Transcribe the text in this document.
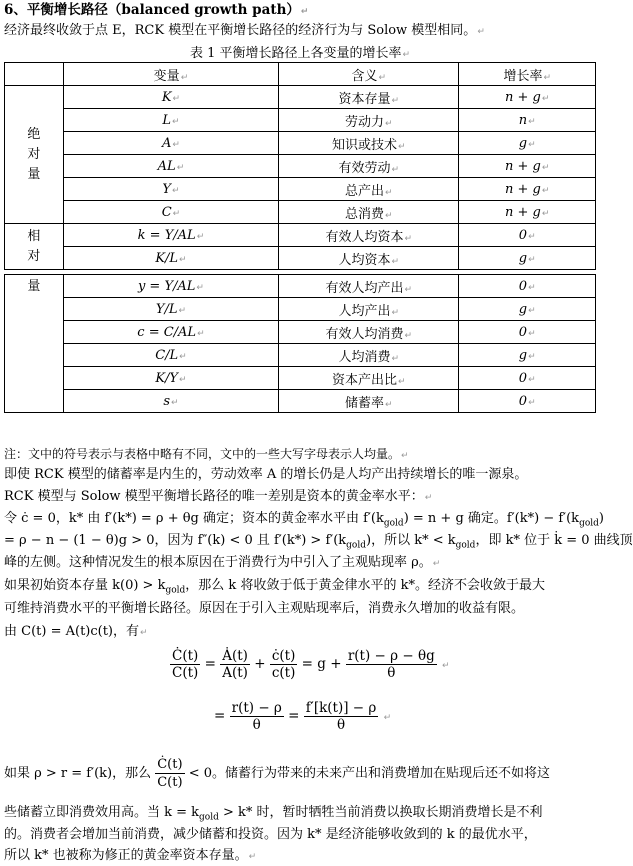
6、平衡增长路径（balanced growth path）↵
经济最终收敛于点 E，RCK 模型在平衡增长路径的经济行为与 Solow 模型相同。↵
表 1 平衡增长路径上各变量的增长率↵
	变量↵	含义↵	增长率↵

绝对量	K↵	资本存量↵	n + g↵
	L↵	劳动力↵	n↵
	A↵	知识或技术↵	g↵
	AL↵	有效劳动↵	n + g↵
	Y↵	总产出↵	n + g↵
	C↵	总消费↵	n + g↵

相对	k = Y/AL↵	有效人均资本↵	0↵
	K/L↵	人均资本↵	g↵

量	y = Y/AL↵	有效人均产出↵	0↵
	Y/L↵	人均产出↵	g↵
	c = C/AL↵	有效人均消费↵	0↵
	C/L↵	人均消费↵	g↵
	K/Y↵	资本产出比↵	0↵
	s↵	储蓄率↵	0↵
注：文中的符号表示与表格中略有不同，文中的一些大写字母表示人均量。↵
即使 RCK 模型的储蓄率是内生的，劳动效率 A 的增长仍是人均产出持续增长的唯一源泉。
RCK 模型与 Solow 模型平衡增长路径的唯一差别是资本的黄金率水平：↵
令 ċ = 0，k* 由 f′(k*) = ρ + θg 确定；资本的黄金率水平由 $f'(k_{gold}) = n + g$ 确定。$f'(k*) - f'(k_{gold})$
= ρ − n − (1 − θ)g > 0，因为 f″(k) < 0 且 $f'(k*) > f'(k_{gold})$，所以 $k* < k_{gold}$，即 k* 位于 k̇ = 0 曲线顶
峰的左侧。这种情况发生的根本原因在于消费行为中引入了主观贴现率 ρ。↵
如果初始资本存量 $k(0) > k_{gold}$，那么 k 将收敛于低于黄金律水平的 k*。经济不会收敛于最大
可维持消费水平的平衡增长路径。原因在于引入主观贴现率后，消费永久增加的收益有限。
由 C(t) = A(t)c(t)，有↵
$\frac{Ċ(t)}{C(t)} = \frac{Ȧ(t)}{A(t)} + \frac{ċ(t)}{c(t)} = g + \frac{r(t) - \rho - \theta g}{\theta}$ ↵
= $\frac{r(t) - \rho}{\theta} = \frac{f'[k(t)] - \rho}{\theta}$ ↵
如果 ρ > r = f′(k)，那么 $\frac{Ċ(t)}{C(t)} < 0$。储蓄行为带来的未来产出和消费增加在贴现后还不如将这
些储蓄立即消费效用高。当 $k = k_{gold} > k*$ 时，暂时牺牲当前消费以换取长期消费增长是不利
的。消费者会增加当前消费，减少储蓄和投资。因为 k* 是经济能够收敛到的 k 的最优水平，
所以 k* 也被称为修正的黄金率资本存量。↵
